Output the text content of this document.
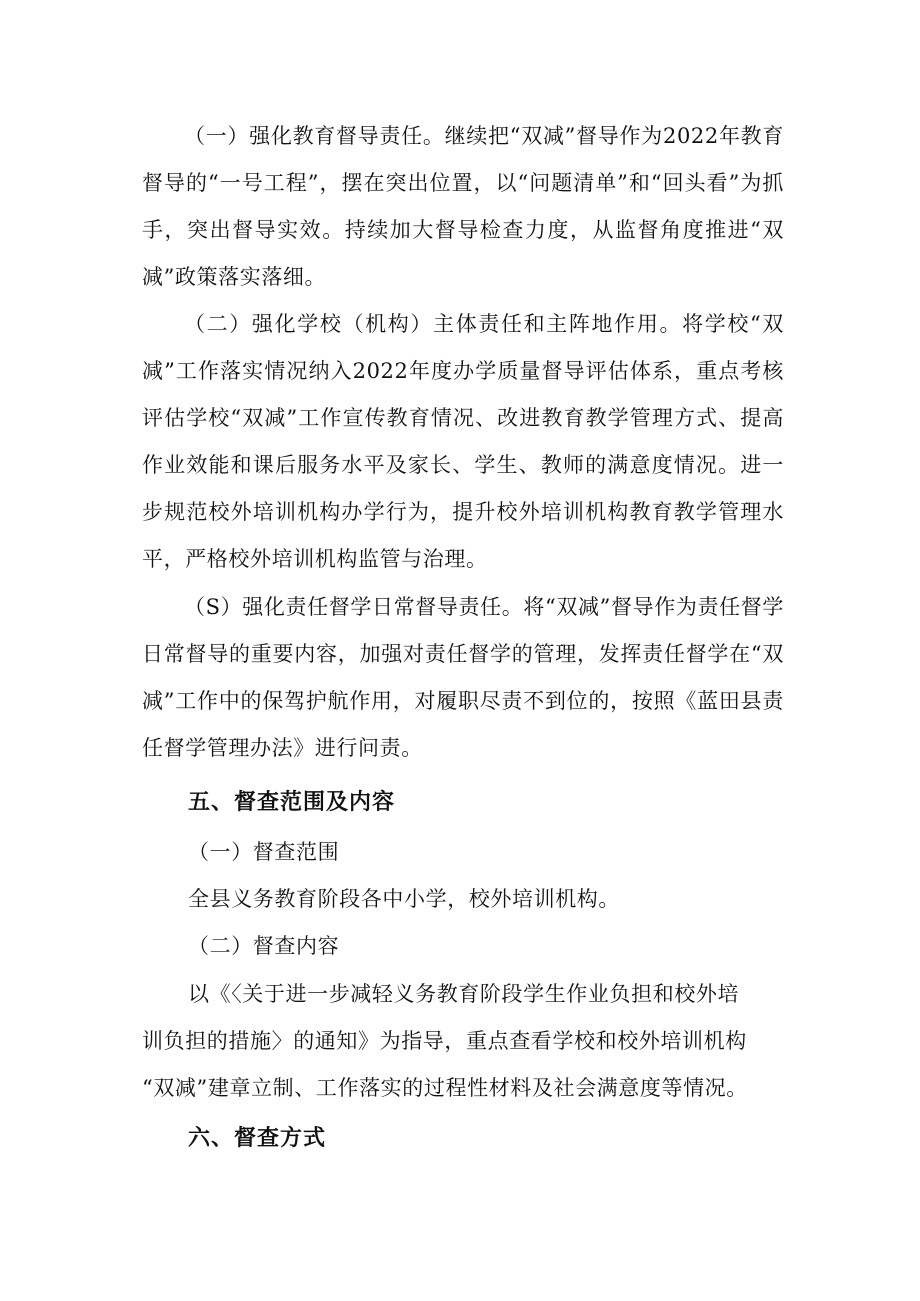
（一）强化教育督导责任。继续把“双减”督导作为2022年教育督导的“一号工程”，摆在突出位置，以“问题清单”和“回头看”为抓手，突出督导实效。持续加大督导检查力度，从监督角度推进“双减”政策落实落细。

（二）强化学校（机构）主体责任和主阵地作用。将学校“双减”工作落实情况纳入2022年度办学质量督导评估体系，重点考核评估学校“双减”工作宣传教育情况、改进教育教学管理方式、提高作业效能和课后服务水平及家长、学生、教师的满意度情况。进一步规范校外培训机构办学行为，提升校外培训机构教育教学管理水平，严格校外培训机构监管与治理。

（S）强化责任督学日常督导责任。将“双减”督导作为责任督学日常督导的重要内容，加强对责任督学的管理，发挥责任督学在“双减”工作中的保驾护航作用，对履职尽责不到位的，按照《蓝田县责任督学管理办法》进行问责。

五、督查范围及内容

（一）督查范围

全县义务教育阶段各中小学，校外培训机构。

（二）督查内容

以《〈关于进一步减轻义务教育阶段学生作业负担和校外培

训负担的措施〉的通知》为指导，重点查看学校和校外培训机构

“双减”建章立制、工作落实的过程性材料及社会满意度等情况。

六、督查方式
